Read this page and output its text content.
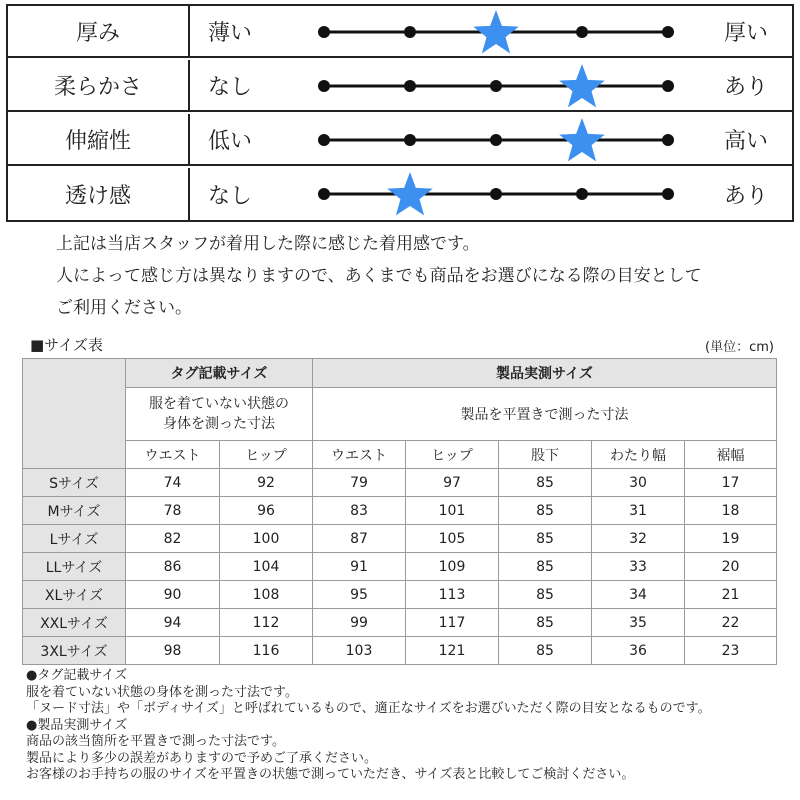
厚み	薄い	厚い
柔らかさ	なし	あり
伸縮性	低い	高い
透け感	なし	あり
上記は当店スタッフが着用した際に感じた着用感です。
人によって感じ方は異なりますので、あくまでも商品をお選びになる際の目安として
ご利用ください。
■サイズ表	(単位：cm)
	タグ記載サイズ		製品実測サイズ				

	服を着ていない状態の
身体を測った寸法		製品を平置きで測った寸法				
	ウエスト	ヒップ	ウエスト	ヒップ	股下	わたり幅	裾幅
Sサイズ	74	92	79	97	85	30	17
Mサイズ	78	96	83	101	85	31	18
Lサイズ	82	100	87	105	85	32	19
LLサイズ	86	104	91	109	85	33	20
XLサイズ	90	108	95	113	85	34	21
XXLサイズ	94	112	99	117	85	35	22
3XLサイズ	98	116	103	121	85	36	23
●タグ記載サイズ
服を着ていない状態の身体を測った寸法です。
「ヌード寸法」や「ボディサイズ」と呼ばれているもので、適正なサイズをお選びいただく際の目安となるものです。
●製品実測サイズ
商品の該当箇所を平置きで測った寸法です。
製品により多少の誤差がありますので予めご了承ください。
お客様のお手持ちの服のサイズを平置きの状態で測っていただき、サイズ表と比較してご検討ください。
